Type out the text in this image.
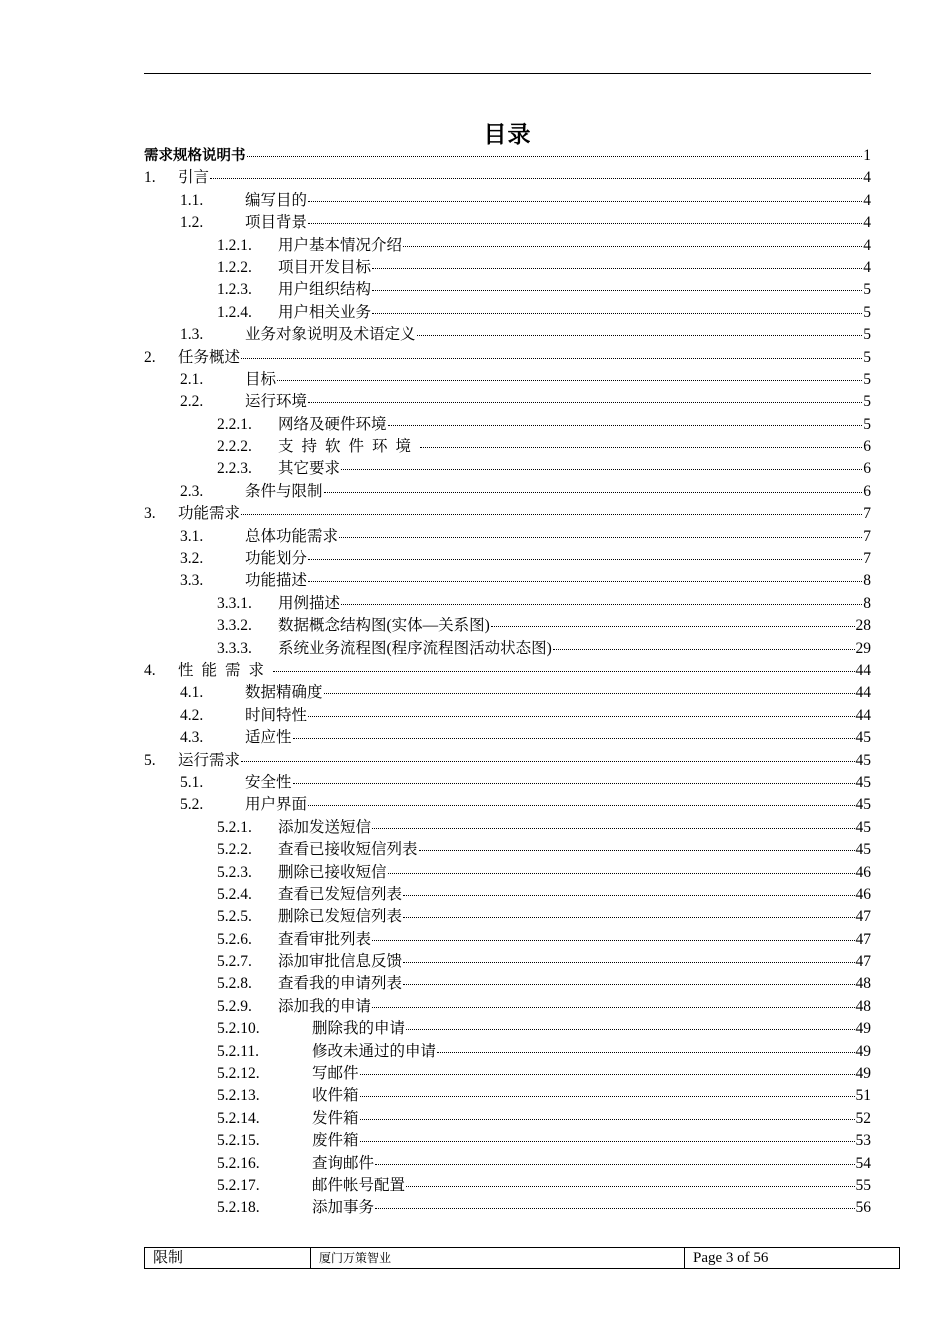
目录
需求规格说明书	1
1.	引言	4
1.1.	编写目的	4
1.2.	项目背景	4
1.2.1.	用户基本情况介绍	4
1.2.2.	项目开发目标	4
1.2.3.	用户组织结构	5
1.2.4.	用户相关业务	5
1.3.	业务对象说明及术语定义	5
2.	任务概述	5
2.1.	目标	5
2.2.	运行环境	5
2.2.1.	网络及硬件环境	5
2.2.2.	支持软件环境	6
2.2.3.	其它要求	6
2.3.	条件与限制	6
3.	功能需求	7
3.1.	总体功能需求	7
3.2.	功能划分	7
3.3.	功能描述	8
3.3.1.	用例描述	8
3.3.2.	数据概念结构图(实体—关系图)	28
3.3.3.	系统业务流程图(程序流程图活动状态图)	29
4.	性能需求	44
4.1.	数据精确度	44
4.2.	时间特性	44
4.3.	适应性	45
5.	运行需求	45
5.1.	安全性	45
5.2.	用户界面	45
5.2.1.	添加发送短信	45
5.2.2.	查看已接收短信列表	45
5.2.3.	删除已接收短信	46
5.2.4.	查看已发短信列表	46
5.2.5.	删除已发短信列表	47
5.2.6.	查看审批列表	47
5.2.7.	添加审批信息反馈	47
5.2.8.	查看我的申请列表	48
5.2.9.	添加我的申请	48
5.2.10.	删除我的申请	49
5.2.11.	修改未通过的申请	49
5.2.12.	写邮件	49
5.2.13.	收件箱	51
5.2.14.	发件箱	52
5.2.15.	废件箱	53
5.2.16.	查询邮件	54
5.2.17.	邮件帐号配置	55
5.2.18.	添加事务	56
限制	厦门万策智业	Page 3 of 56
